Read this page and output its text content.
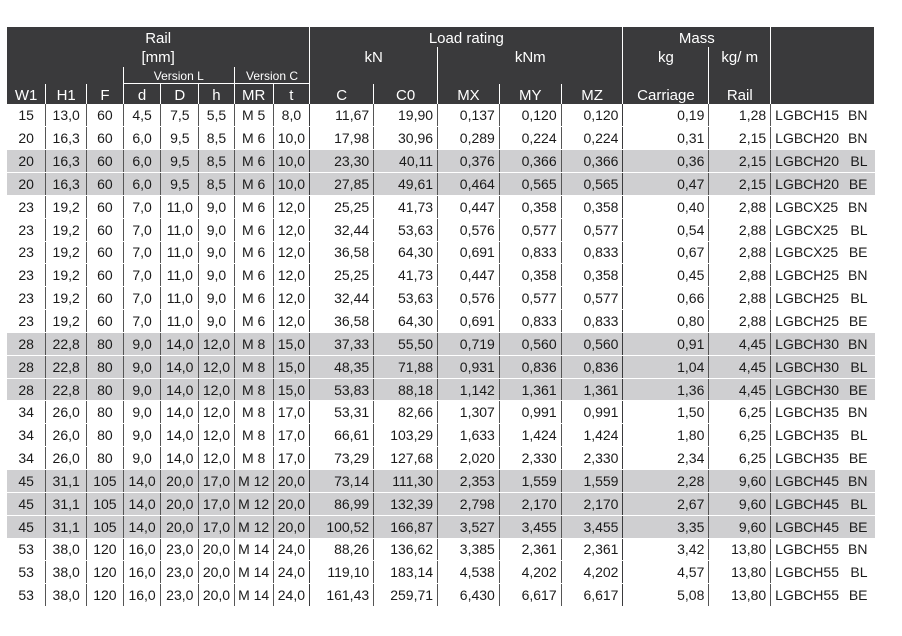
Rail								Load rating					Mass		
[mm]								kN		kNm			kg	kg/ m	
			Version L			Version C									
W1	H1	F	d	D	h	MR	t	C	C0	MX	MY	MZ	Carriage	Rail	
15	13,0	60	4,5	7,5	5,5	M 5	8,0	11,67	19,90	0,137	0,120	0,120	0,19	1,28	LGBCH15 BN

20	16,3	60	6,0	9,5	8,5	M 6	10,0	17,98	30,96	0,289	0,224	0,224	0,31	2,15	LGBCH20 BN

20	16,3	60	6,0	9,5	8,5	M 6	10,0	23,30	40,11	0,376	0,366	0,366	0,36	2,15	LGBCH20 BL

20	16,3	60	6,0	9,5	8,5	M 6	10,0	27,85	49,61	0,464	0,565	0,565	0,47	2,15	LGBCH20 BE

23	19,2	60	7,0	11,0	9,0	M 6	12,0	25,25	41,73	0,447	0,358	0,358	0,40	2,88	LGBCX25 BN

23	19,2	60	7,0	11,0	9,0	M 6	12,0	32,44	53,63	0,576	0,577	0,577	0,54	2,88	LGBCX25 BL

23	19,2	60	7,0	11,0	9,0	M 6	12,0	36,58	64,30	0,691	0,833	0,833	0,67	2,88	LGBCX25 BE

23	19,2	60	7,0	11,0	9,0	M 6	12,0	25,25	41,73	0,447	0,358	0,358	0,45	2,88	LGBCH25 BN

23	19,2	60	7,0	11,0	9,0	M 6	12,0	32,44	53,63	0,576	0,577	0,577	0,66	2,88	LGBCH25 BL

23	19,2	60	7,0	11,0	9,0	M 6	12,0	36,58	64,30	0,691	0,833	0,833	0,80	2,88	LGBCH25 BE

28	22,8	80	9,0	14,0	12,0	M 8	15,0	37,33	55,50	0,719	0,560	0,560	0,91	4,45	LGBCH30 BN

28	22,8	80	9,0	14,0	12,0	M 8	15,0	48,35	71,88	0,931	0,836	0,836	1,04	4,45	LGBCH30 BL

28	22,8	80	9,0	14,0	12,0	M 8	15,0	53,83	88,18	1,142	1,361	1,361	1,36	4,45	LGBCH30 BE

34	26,0	80	9,0	14,0	12,0	M 8	17,0	53,31	82,66	1,307	0,991	0,991	1,50	6,25	LGBCH35 BN

34	26,0	80	9,0	14,0	12,0	M 8	17,0	66,61	103,29	1,633	1,424	1,424	1,80	6,25	LGBCH35 BL

34	26,0	80	9,0	14,0	12,0	M 8	17,0	73,29	127,68	2,020	2,330	2,330	2,34	6,25	LGBCH35 BE

45	31,1	105	14,0	20,0	17,0	M 12	20,0	73,14	111,30	2,353	1,559	1,559	2,28	9,60	LGBCH45 BN

45	31,1	105	14,0	20,0	17,0	M 12	20,0	86,99	132,39	2,798	2,170	2,170	2,67	9,60	LGBCH45 BL

45	31,1	105	14,0	20,0	17,0	M 12	20,0	100,52	166,87	3,527	3,455	3,455	3,35	9,60	LGBCH45 BE

53	38,0	120	16,0	23,0	20,0	M 14	24,0	88,26	136,62	3,385	2,361	2,361	3,42	13,80	LGBCH55 BN

53	38,0	120	16,0	23,0	20,0	M 14	24,0	119,10	183,14	4,538	4,202	4,202	4,57	13,80	LGBCH55 BL

53	38,0	120	16,0	23,0	20,0	M 14	24,0	161,43	259,71	6,430	6,617	6,617	5,08	13,80	LGBCH55 BE
